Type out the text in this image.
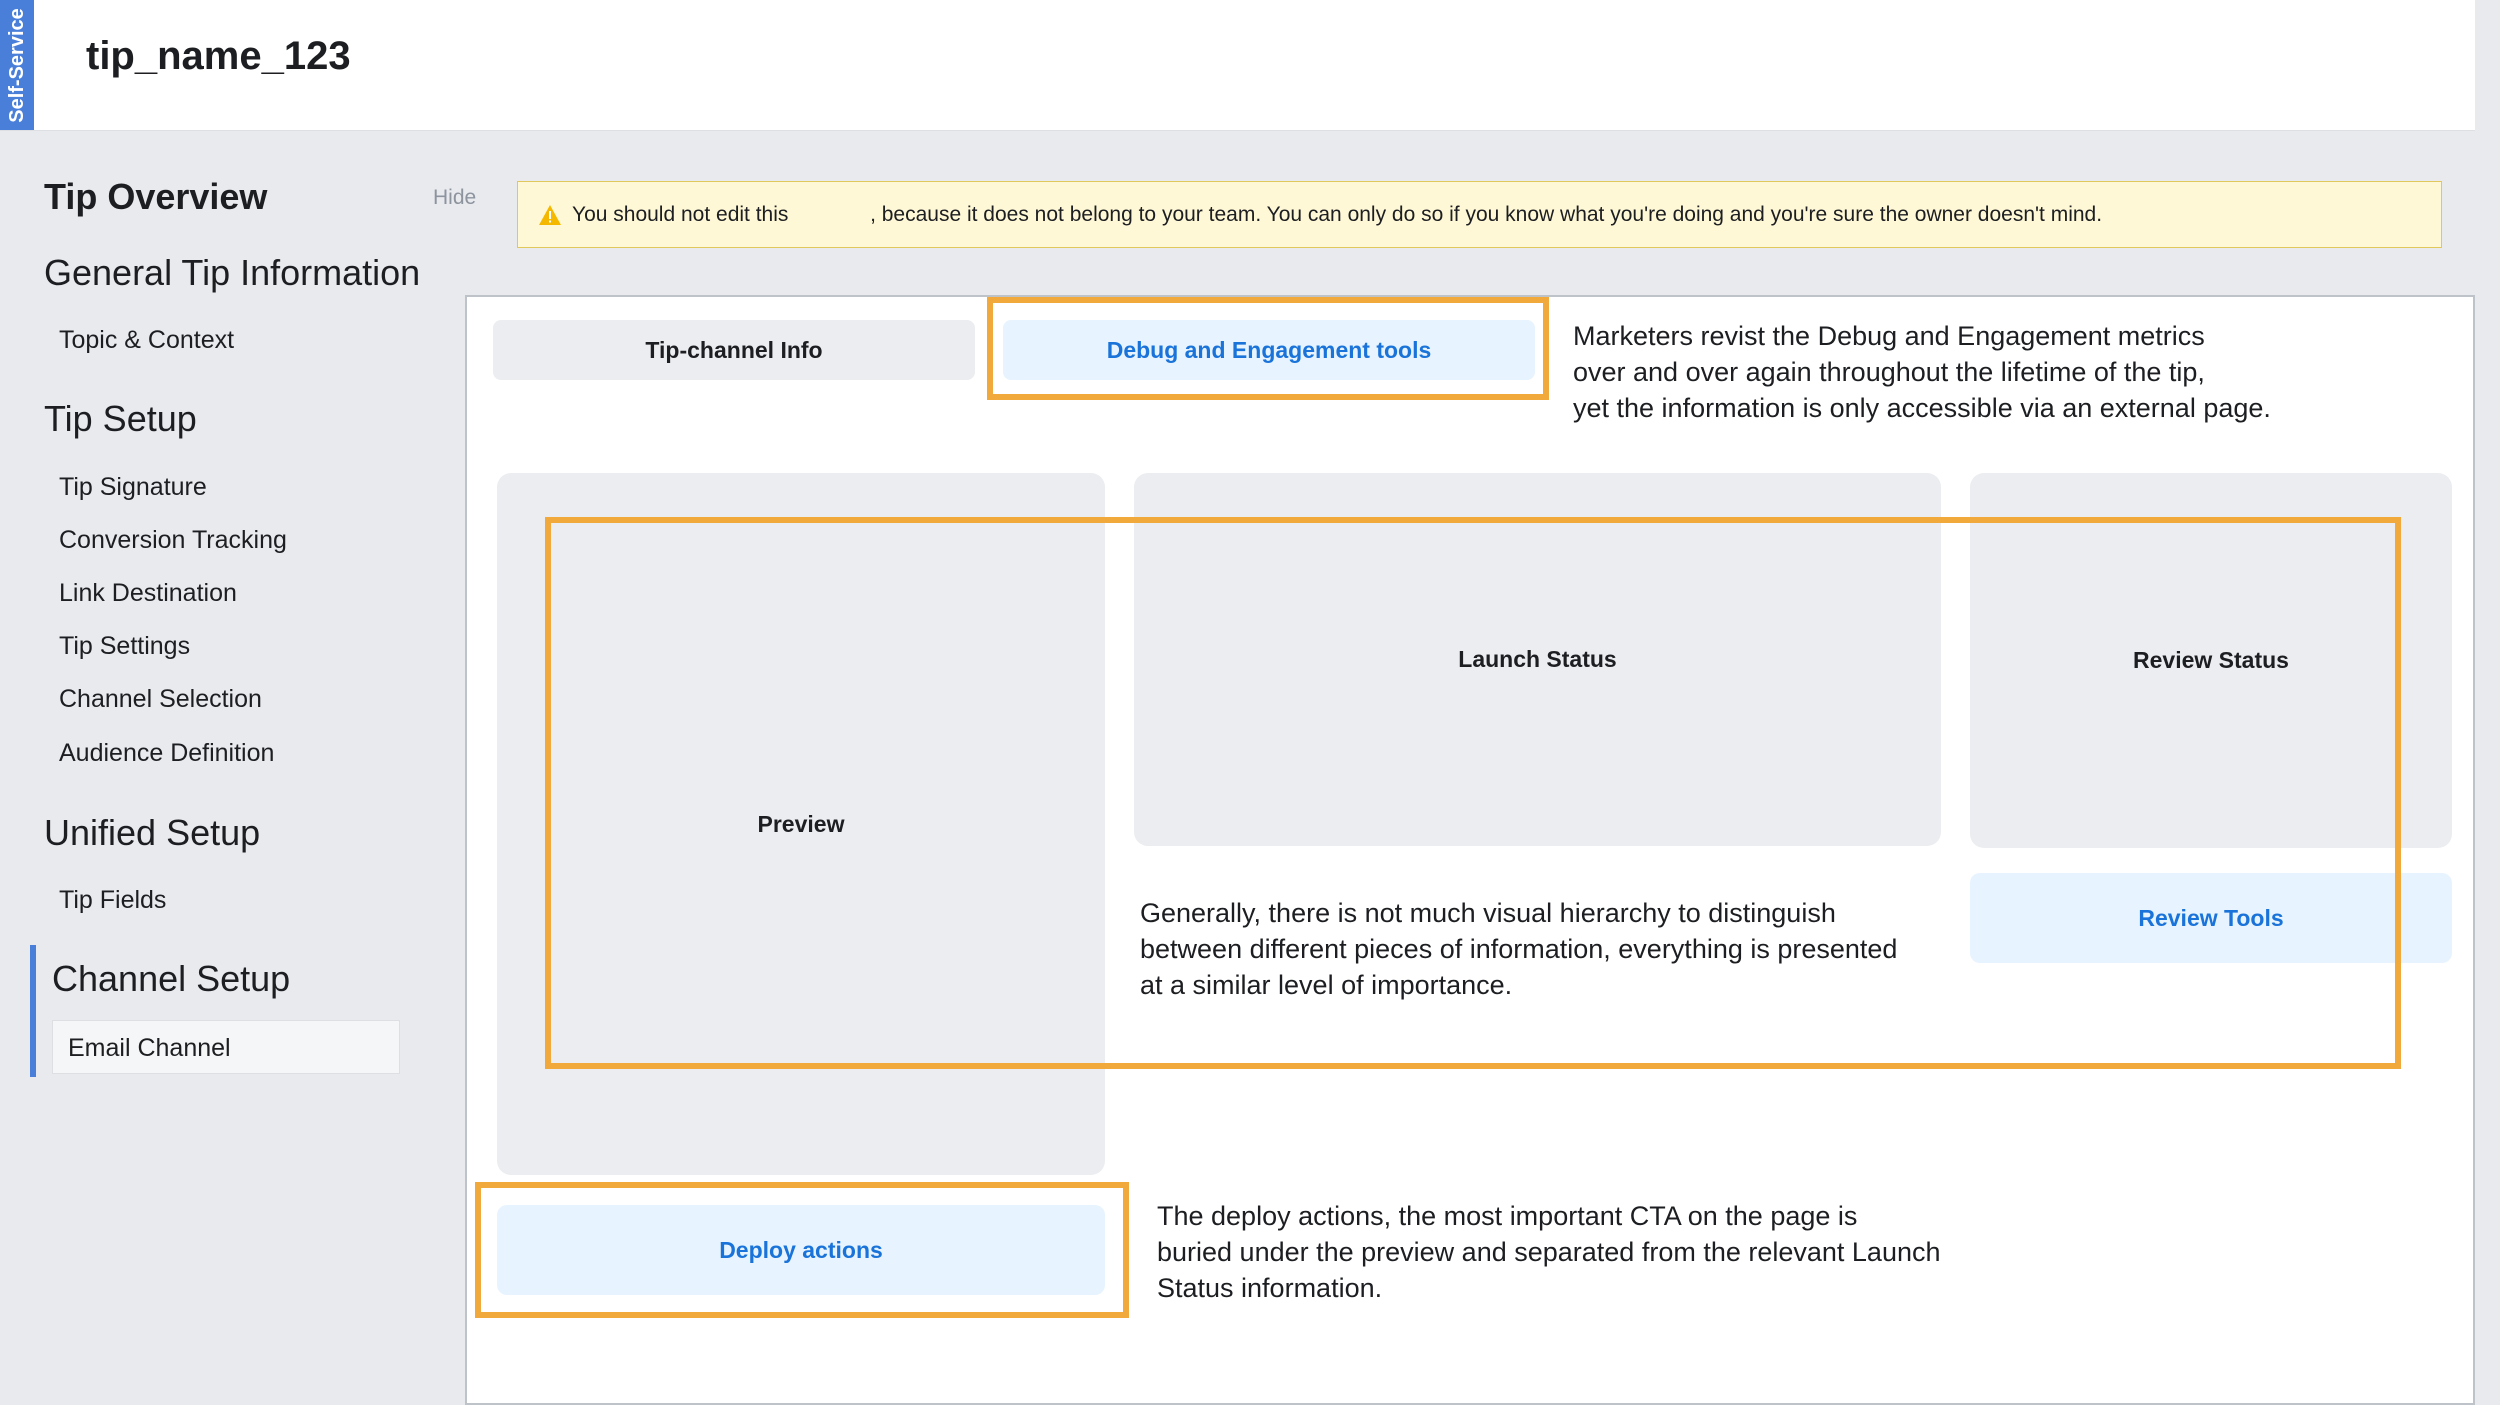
Self-Service tip_name_123
Tip Overview	Hide
General Tip Information
Topic & Context
Tip Setup
Tip Signature
Conversion Tracking
Link Destination
Tip Settings
Channel Selection
Audience Definition
Unified Setup
Tip Fields
Channel Setup
Email Channel
You should not edit this              , because it does not belong to your team. You can only do so if you know what you're doing and you're sure the owner doesn't mind.
Tip-channel Info	Debug and Engagement tools	Marketers revist the Debug and Engagement metrics
over and over again throughout the lifetime of the tip,
yet the information is only accessible via an external page.
Preview
Launch Status	Review Status
Review Tools
Generally, there is not much visual hierarchy to distinguish
between different pieces of information, everything is presented
at a similar level of importance.
Deploy actions
The deploy actions, the most important CTA on the page is
buried under the preview and separated from the relevant Launch
Status information.
